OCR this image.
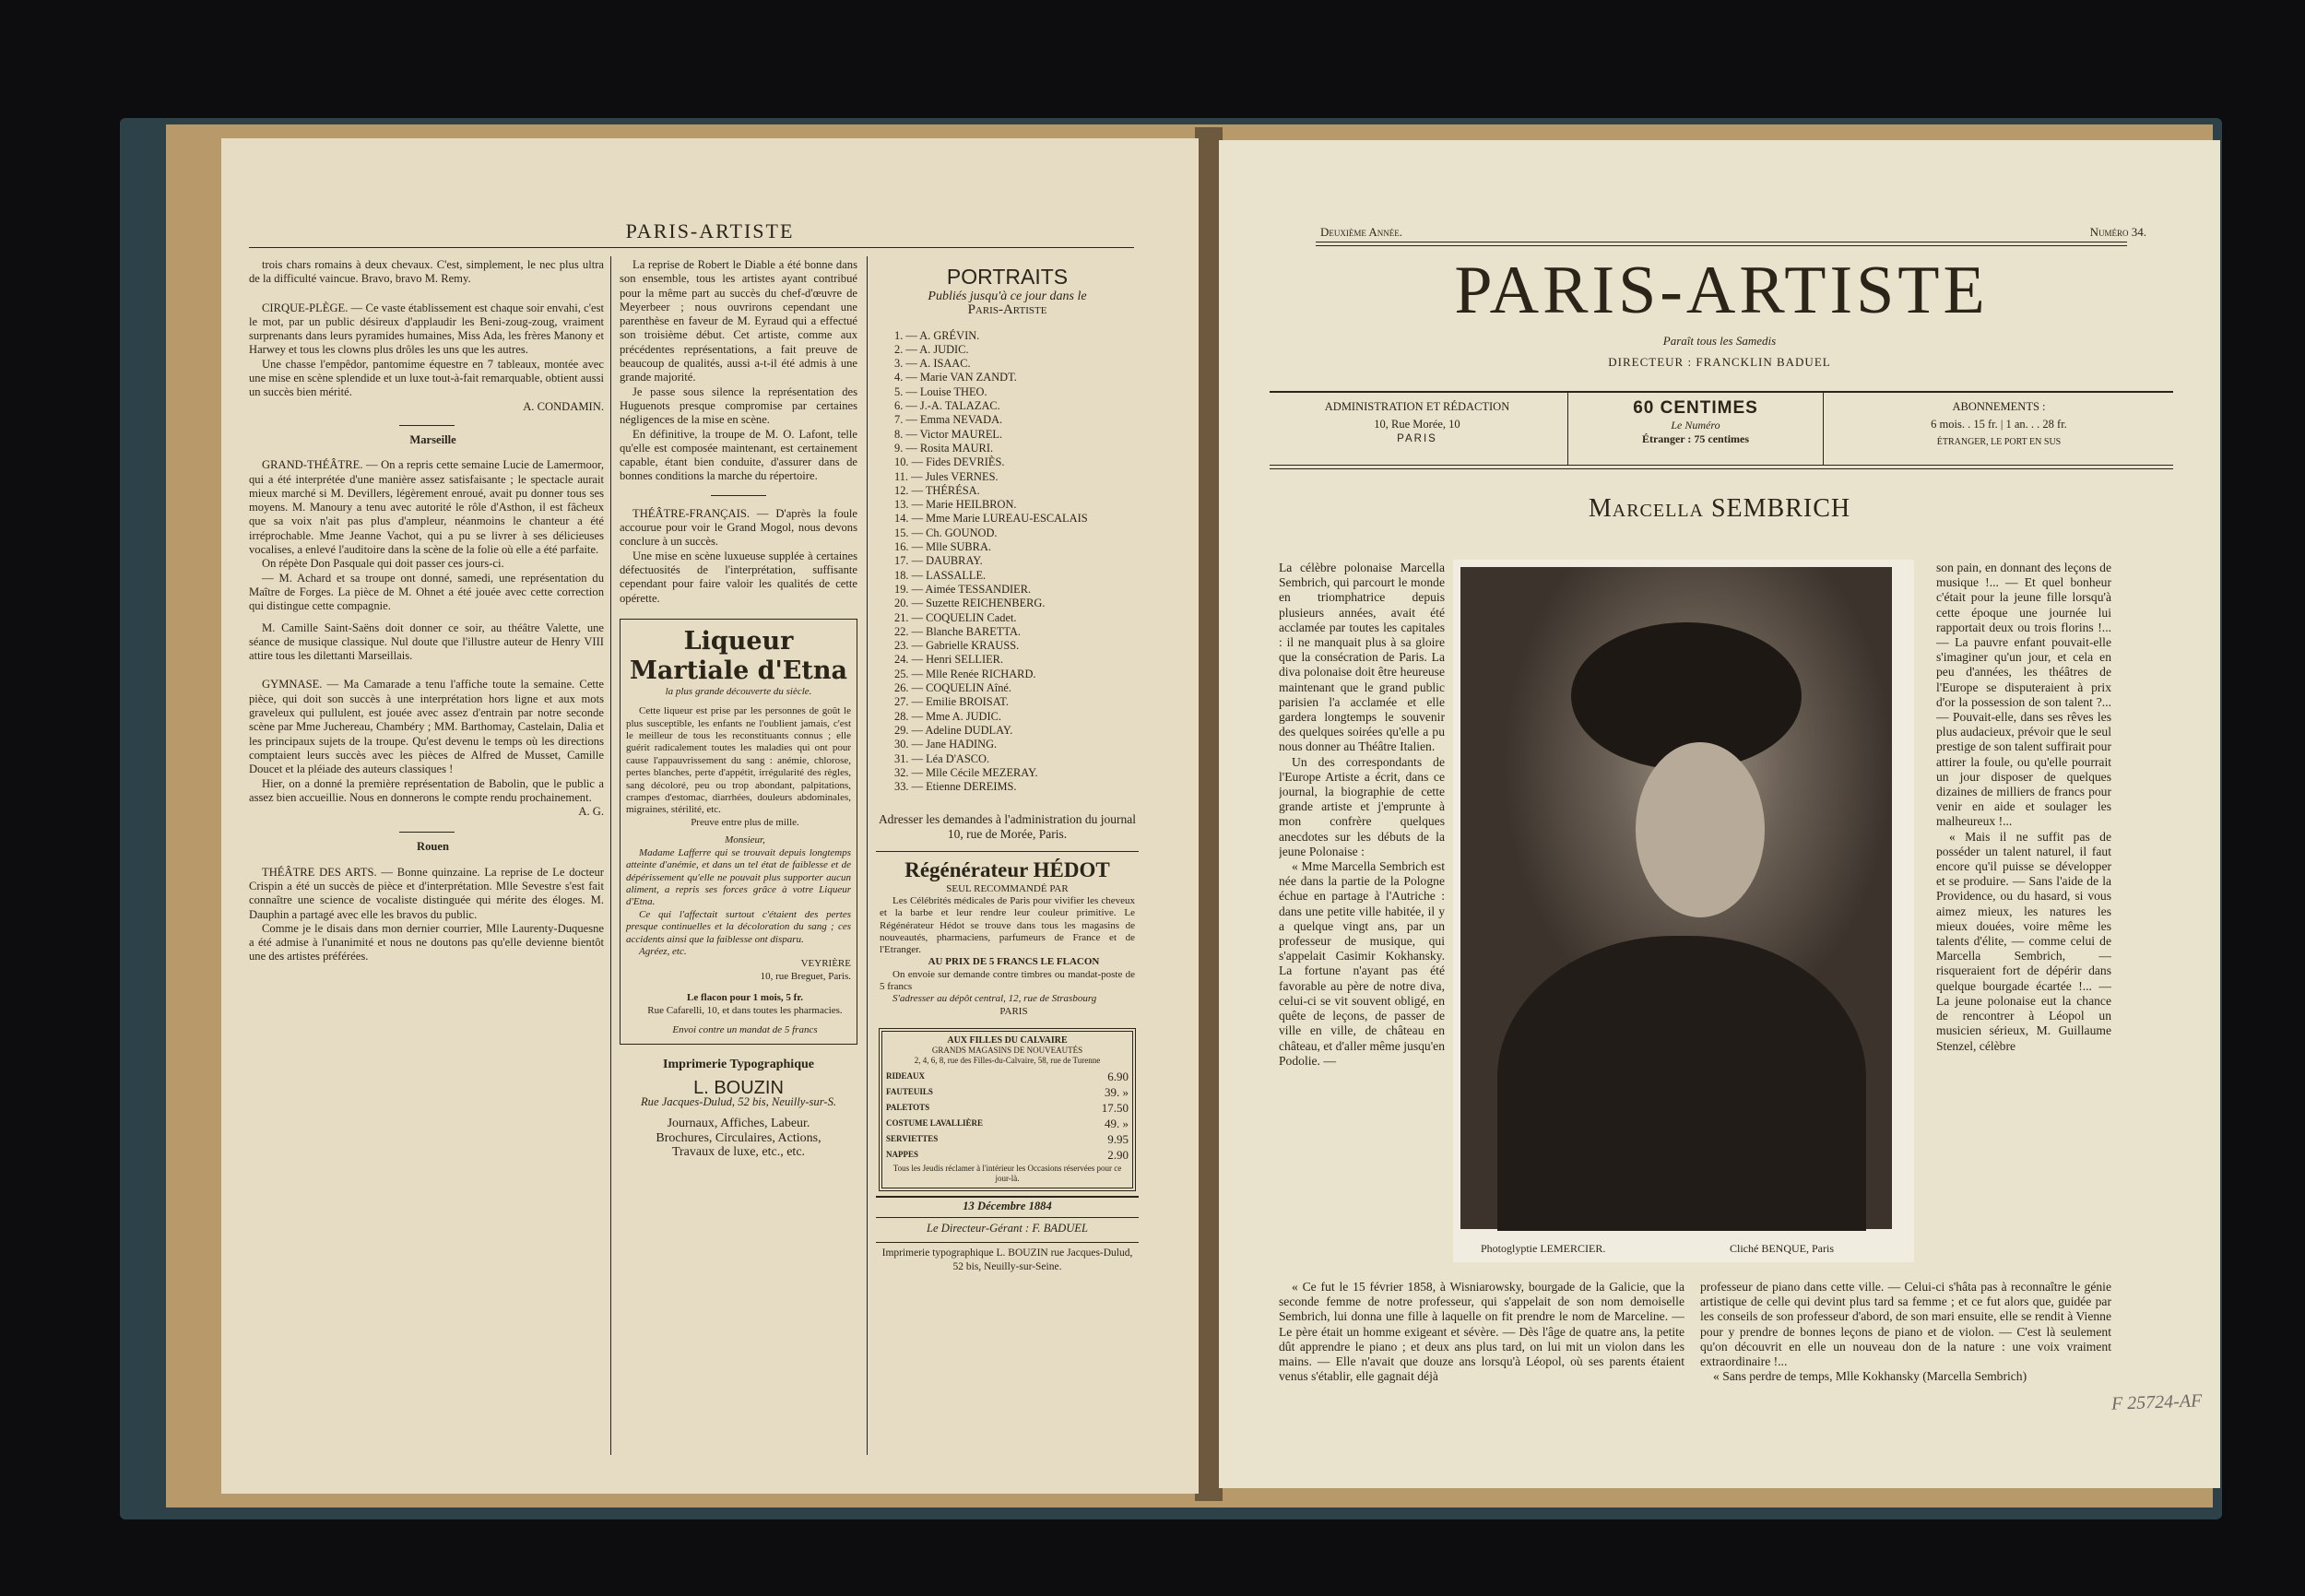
PARIS-ARTISTE

trois chars romains à deux chevaux. C'est, simplement, le nec plus ultra de la difficulté vaincue. Bravo, bravo M. Remy.

CIRQUE-PLÈGE. — Ce vaste établissement est chaque soir envahi, c'est le mot, par un public désireux d'applaudir les Beni-zoug-zoug, vraiment surprenants dans leurs pyramides humaines, Miss Ada, les frères Manony et Harwey et tous les clowns plus drôles les uns que les autres.

Une chasse l'empêdor, pantomime équestre en 7 tableaux, montée avec une mise en scène splendide et un luxe tout-à-fait remarquable, obtient aussi un succès bien mérité.

A. CONDAMIN.

Marseille

GRAND-THÉÂTRE. — On a repris cette semaine Lucie de Lamermoor, qui a été interprétée d'une manière assez satisfaisante ; le spectacle aurait mieux marché si M. Devillers, légèrement enroué, avait pu donner tous ses moyens. M. Manoury a tenu avec autorité le rôle d'Asthon, il est fâcheux que sa voix n'ait pas plus d'ampleur, néanmoins le chanteur a été irréprochable. Mme Jeanne Vachot, qui a pu se livrer à ses délicieuses vocalises, a enlevé l'auditoire dans la scène de la folie où elle a été parfaite.

On répète Don Pasquale qui doit passer ces jours-ci.

— M. Achard et sa troupe ont donné, samedi, une représentation du Maître de Forges. La pièce de M. Ohnet a été jouée avec cette correction qui distingue cette compagnie.

M. Camille Saint-Saëns doit donner ce soir, au théâtre Valette, une séance de musique classique. Nul doute que l'illustre auteur de Henry VIII attire tous les dilettanti Marseillais.

GYMNASE. — Ma Camarade a tenu l'affiche toute la semaine. Cette pièce, qui doit son succès à une interprétation hors ligne et aux mots graveleux qui pullulent, est jouée avec assez d'entrain par notre seconde scène par Mme Juchereau, Chambéry ; MM. Barthomay, Castelain, Dalia et les principaux sujets de la troupe. Qu'est devenu le temps où les directions comptaient leurs succès avec les pièces de Alfred de Musset, Camille Doucet et la pléiade des auteurs classiques !

Hier, on a donné la première représentation de Babolin, que le public a assez bien accueillie. Nous en donnerons le compte rendu prochainement.

A. G.

Rouen

THÉÂTRE DES ARTS. — Bonne quinzaine. La reprise de Le docteur Crispin a été un succès de pièce et d'interprétation. Mlle Sevestre s'est fait connaître une science de vocaliste distinguée qui mérite des éloges. M. Dauphin a partagé avec elle les bravos du public.

Comme je le disais dans mon dernier courrier, Mlle Laurenty-Duquesne a été admise à l'unanimité et nous ne doutons pas qu'elle devienne bientôt une des artistes préférées.

La reprise de Robert le Diable a été bonne dans son ensemble, tous les artistes ayant contribué pour la même part au succès du chef-d'œuvre de Meyerbeer ; nous ouvrirons cependant une parenthèse en faveur de M. Eyraud qui a effectué son troisième début. Cet artiste, comme aux précédentes représentations, a fait preuve de beaucoup de qualités, aussi a-t-il été admis à une grande majorité.

Je passe sous silence la représentation des Huguenots presque compromise par certaines négligences de la mise en scène.

En définitive, la troupe de M. O. Lafont, telle qu'elle est composée maintenant, est certainement capable, étant bien conduite, d'assurer dans de bonnes conditions la marche du répertoire.

THÉÂTRE-FRANÇAIS. — D'après la foule accourue pour voir le Grand Mogol, nous devons conclure à un succès.

Une mise en scène luxueuse supplée à certaines défectuosités de l'interprétation, suffisante cependant pour faire valoir les qualités de cette opérette.

Liqueur Martiale d'Etna
la plus grande découverte du siècle.

Cette liqueur est prise par les personnes de goût le plus susceptible, les enfants ne l'oublient jamais, c'est le meilleur de tous les reconstituants connus ; elle guérit radicalement toutes les maladies qui ont pour cause l'appauvrissement du sang : anémie, chlorose, pertes blanches, perte d'appétit, irrégularité des règles, sang décoloré, peu ou trop abondant, palpitations, crampes d'estomac, diarrhées, douleurs abdominales, migraines, stérilité, etc.

Preuve entre plus de mille.

Monsieur,

Madame Lafferre qui se trouvait depuis longtemps atteinte d'anémie, et dans un tel état de faiblesse et de dépérissement qu'elle ne pouvait plus supporter aucun aliment, a repris ses forces grâce à votre Liqueur d'Etna.

Ce qui l'affectait surtout c'étaient des pertes presque continuelles et la décoloration du sang ; ces accidents ainsi que la faiblesse ont disparu.

Agréez, etc.

VEYRIÈRE

10, rue Breguet, Paris.

Le flacon pour 1 mois, 5 fr.

Rue Cafarelli, 10, et dans toutes les pharmacies.

Envoi contre un mandat de 5 francs

Imprimerie Typographique
L. BOUZIN
Rue Jacques-Dulud, 52 bis, Neuilly-sur-S.
Journaux, Affiches, Labeur.
Brochures, Circulaires, Actions,
Travaux de luxe, etc., etc.
PORTRAITS
Publiés jusqu'à ce jour dans le
Paris-Artiste
1. — A. GRÉVIN.
2. — A. JUDIC.
3. — A. ISAAC.
4. — Marie VAN ZANDT.
5. — Louise THEO.
6. — J.-A. TALAZAC.
7. — Emma NEVADA.
8. — Victor MAUREL.
9. — Rosita MAURI.
10. — Fides DEVRIÈS.
11. — Jules VERNES.
12. — THÉRÉSA.
13. — Marie HEILBRON.
14. — Mme Marie LUREAU-ESCALAIS
15. — Ch. GOUNOD.
16. — Mlle SUBRA.
17. — DAUBRAY.
18. — LASSALLE.
19. — Aimée TESSANDIER.
20. — Suzette REICHENBERG.
21. — COQUELIN Cadet.
22. — Blanche BARETTA.
23. — Gabrielle KRAUSS.
24. — Henri SELLIER.
25. — Mlle Renée RICHARD.
26. — COQUELIN Aîné.
27. — Emilie BROISAT.
28. — Mme A. JUDIC.
29. — Adeline DUDLAY.
30. — Jane HADING.
31. — Léa D'ASCO.
32. — Mlle Cécile MEZERAY.
33. — Etienne DEREIMS.
Adresser les demandes à l'administration du journal
10, rue de Morée, Paris.
Régénérateur HÉDOT
SEUL RECOMMANDÉ PAR

Les Célébrités médicales de Paris pour vivifier les cheveux et la barbe et leur rendre leur couleur primitive. Le Régénérateur Hédot se trouve dans tous les magasins de nouveautés, pharmaciens, parfumeurs de France et de l'Etranger.

AU PRIX DE 5 FRANCS LE FLACON

On envoie sur demande contre timbres ou mandat-poste de 5 francs

S'adresser au dépôt central, 12, rue de Strasbourg

PARIS

AUX FILLES DU CALVAIRE
GRANDS MAGASINS DE NOUVEAUTÉS
2, 4, 6, 8, rue des Filles-du-Calvaire, 58, rue de Turenne
RIDEAUX	6.90
FAUTEUILS	39. »
PALETOTS	17.50
COSTUME LAVALLIÈRE	49. »
SERVIETTES	9.95
NAPPES	2.90
Tous les Jeudis réclamer à l'intérieur les Occasions réservées pour ce jour-là.
13 Décembre 1884
Le Directeur-Gérant : F. BADUEL
Imprimerie typographique L. BOUZIN rue Jacques-Dulud, 52 bis, Neuilly-sur-Seine.
Deuxième Année.	Numéro 34.
PARIS-ARTISTE
Paraît tous les Samedis
DIRECTEUR : FRANCKLIN BADUEL
ADMINISTRATION ET RÉDACTION
10, Rue Morée, 10
PARIS
60 CENTIMES
Le Numéro
Étranger : 75 centimes
ABONNEMENTS :
6 mois. . 15 fr. | 1 an. . . 28 fr.
ÉTRANGER, LE PORT EN SUS
Marcella SEMBRICH

La célèbre polonaise Marcella Sembrich, qui parcourt le monde en triomphatrice depuis plusieurs années, avait été acclamée par toutes les capitales : il ne manquait plus à sa gloire que la consécration de Paris. La diva polonaise doit être heureuse maintenant que le grand public parisien l'a acclamée et elle gardera longtemps le souvenir des quelques soirées qu'elle a pu nous donner au Théâtre Italien.

Un des correspondants de l'Europe Artiste a écrit, dans ce journal, la biographie de cette grande artiste et j'emprunte à mon confrère quelques anecdotes sur les débuts de la jeune Polonaise :

« Mme Marcella Sembrich est née dans la partie de la Pologne échue en partage à l'Autriche : dans une petite ville habitée, il y a quelque vingt ans, par un professeur de musique, qui s'appelait Casimir Kokhansky. La fortune n'ayant pas été favorable au père de notre diva, celui-ci se vit souvent obligé, en quête de leçons, de passer de ville en ville, de château en château, et d'aller même jusqu'en Podolie. —

Photoglyptie LEMERCIER.	Cliché BENQUE, Paris

son pain, en donnant des leçons de musique !... — Et quel bonheur c'était pour la jeune fille lorsqu'à cette époque une journée lui rapportait deux ou trois florins !... — La pauvre enfant pouvait-elle s'imaginer qu'un jour, et cela en peu d'années, les théâtres de l'Europe se disputeraient à prix d'or la possession de son talent ?... — Pouvait-elle, dans ses rêves les plus audacieux, prévoir que le seul prestige de son talent suffirait pour attirer la foule, ou qu'elle pourrait un jour disposer de quelques dizaines de milliers de francs pour venir en aide et soulager les malheureux !...

« Mais il ne suffit pas de posséder un talent naturel, il faut encore qu'il puisse se développer et se produire. — Sans l'aide de la Providence, ou du hasard, si vous aimez mieux, les natures les mieux douées, voire même les talents d'élite, — comme celui de Marcella Sembrich, — risqueraient fort de dépérir dans quelque bourgade écartée !... — La jeune polonaise eut la chance de rencontrer à Léopol un musicien sérieux, M. Guillaume Stenzel, célèbre

« Ce fut le 15 février 1858, à Wisniarowsky, bourgade de la Galicie, que la seconde femme de notre professeur, qui s'appelait de son nom demoiselle Sembrich, lui donna une fille à laquelle on fit prendre le nom de Marceline. — Le père était un homme exigeant et sévère. — Dès l'âge de quatre ans, la petite dût apprendre le piano ; et deux ans plus tard, on lui mit un violon dans les mains. — Elle n'avait que douze ans lorsqu'à Léopol, où ses parents étaient venus s'établir, elle gagnait déjà

professeur de piano dans cette ville. — Celui-ci s'hâta pas à reconnaître le génie artistique de celle qui devint plus tard sa femme ; et ce fut alors que, guidée par les conseils de son professeur d'abord, de son mari ensuite, elle se rendit à Vienne pour y prendre de bonnes leçons de piano et de violon. — C'est là seulement qu'on découvrit en elle un nouveau don de la nature : une voix vraiment extraordinaire !...

« Sans perdre de temps, Mlle Kokhansky (Marcella Sembrich)

F 25724-AF
